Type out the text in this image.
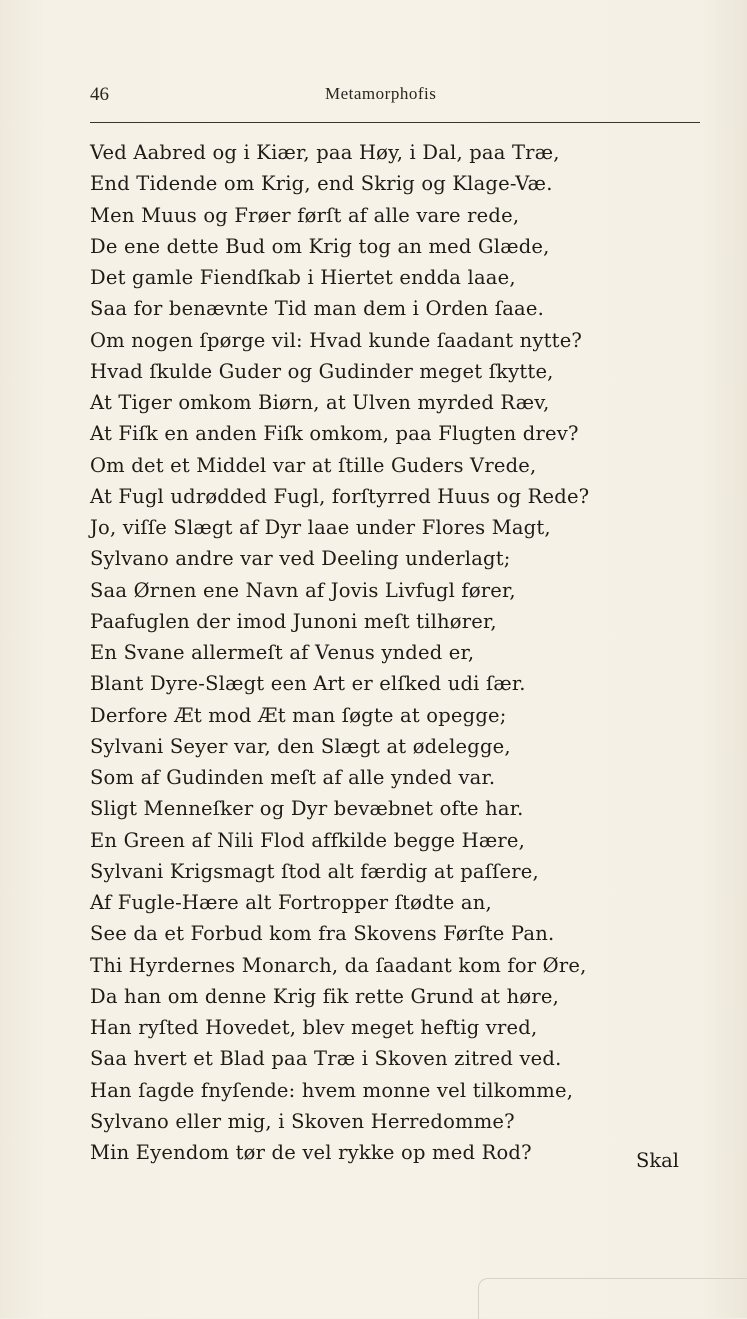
46	Metamorphofis
Ved Aabred og i Kiær, paa Høy, i Dal, paa Træ,
End Tidende om Krig, end Skrig og Klage-Væ.
Men Muus og Frøer førſt af alle vare rede,
De ene dette Bud om Krig tog an med Glæde,
Det gamle Fiendſkab i Hiertet endda laae,
Saa for benævnte Tid man dem i Orden ſaae.
Om nogen ſpørge vil: Hvad kunde ſaadant nytte?
Hvad ſkulde Guder og Gudinder meget ſkytte,
At Tiger omkom Biørn, at Ulven myrded Ræv,
At Fiſk en anden Fiſk omkom, paa Flugten drev?
Om det et Middel var at ſtille Guders Vrede,
At Fugl udrødded Fugl, forſtyrred Huus og Rede?
Jo, viſſe Slægt af Dyr laae under Flores Magt,
Sylvano andre var ved Deeling underlagt;
Saa Ørnen ene Navn af Jovis Livfugl fører,
Paafuglen der imod Junoni meſt tilhører,
En Svane allermeſt af Venus ynded er,
Blant Dyre-Slægt een Art er elſked udi ſær.
Derfore Æt mod Æt man ſøgte at opegge;
Sylvani Seyer var, den Slægt at ødelegge,
Som af Gudinden meſt af alle ynded var.
Sligt Menneſker og Dyr bevæbnet ofte har.
En Green af Nili Flod affkilde begge Hære,
Sylvani Krigsmagt ſtod alt færdig at paſſere,
Af Fugle-Hære alt Fortropper ſtødte an,
See da et Forbud kom fra Skovens Førſte Pan.
Thi Hyrdernes Monarch, da ſaadant kom for Øre,
Da han om denne Krig fik rette Grund at høre,
Han ryſted Hovedet, blev meget heftig vred,
Saa hvert et Blad paa Træ i Skoven zitred ved.
Han ſagde fnyſende: hvem monne vel tilkomme,
Sylvano eller mig, i Skoven Herredomme?
Min Eyendom tør de vel rykke op med Rod?	Skal
